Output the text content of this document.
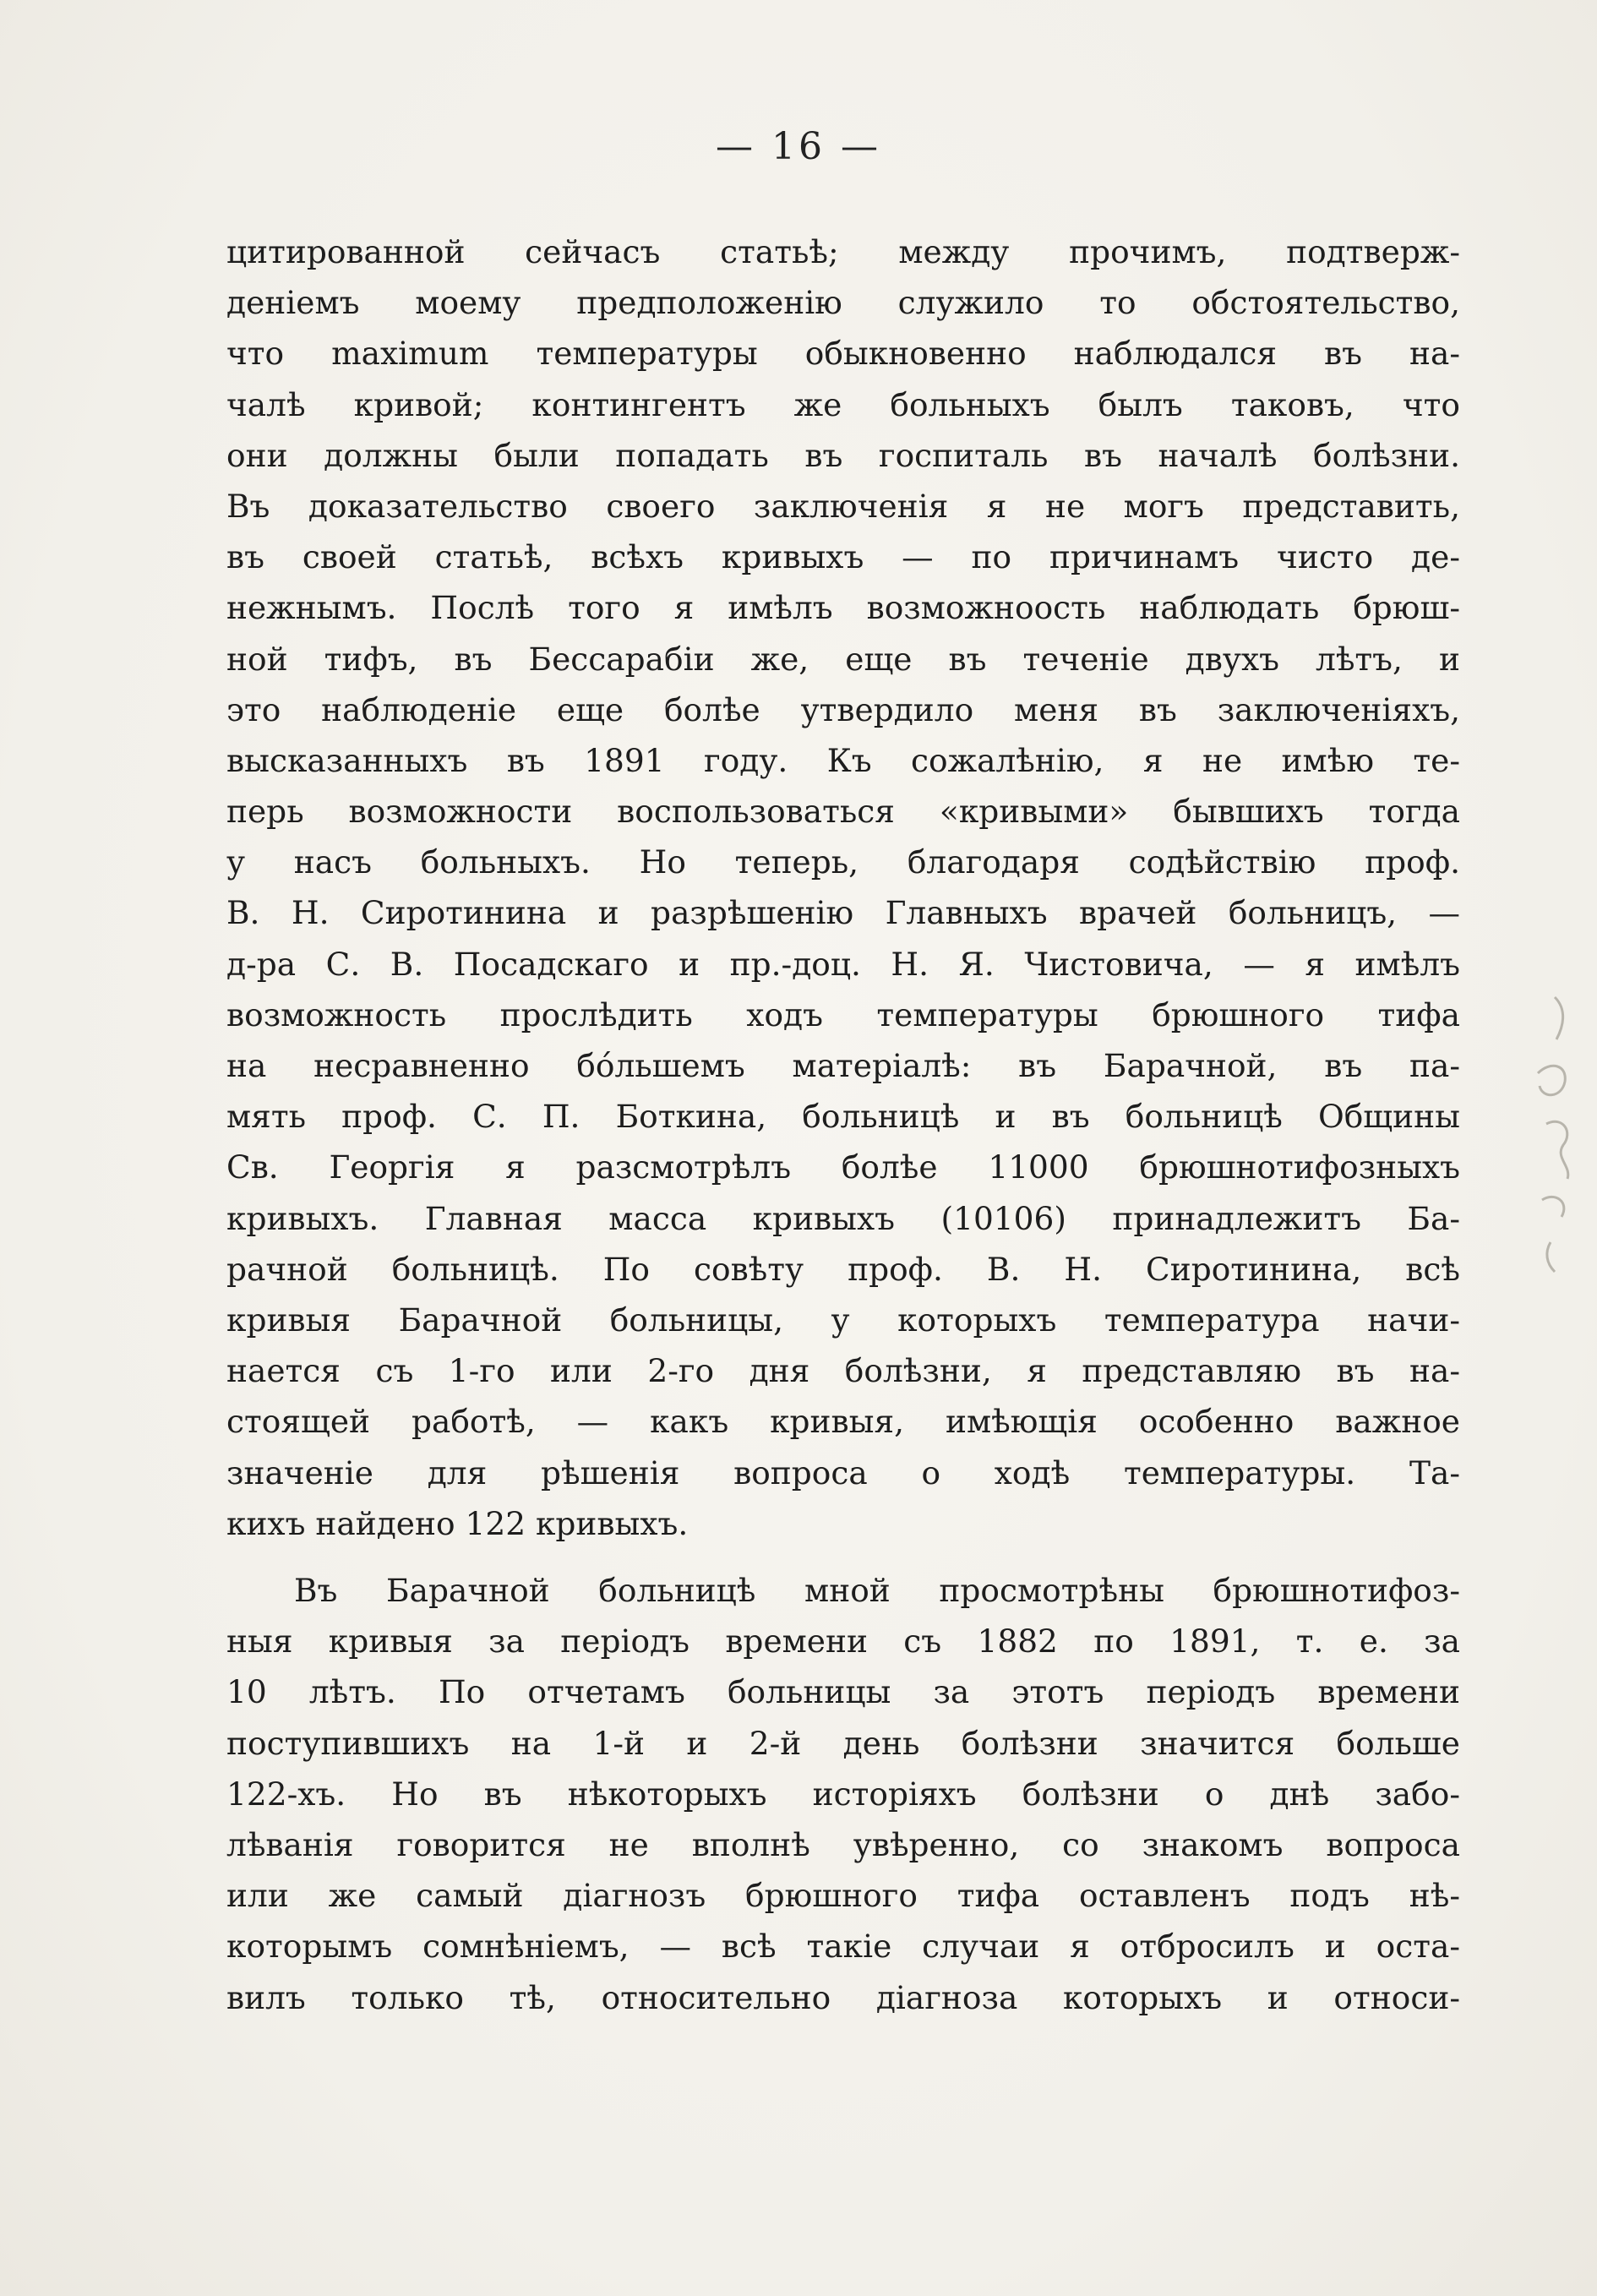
— 16 —
цитированной сейчасъ статьѣ; между прочимъ, подтверж-
деніемъ моему предположенію служило то обстоятельство,
что maximum температуры обыкновенно наблюдался въ на-
чалѣ кривой; контингентъ же больныхъ былъ таковъ, что
они должны были попадать въ госпиталь въ началѣ болѣзни.
Въ доказательство своего заключенія я не могъ представить,
въ своей статьѣ, всѣхъ кривыхъ — по причинамъ чисто де-
нежнымъ. Послѣ того я имѣлъ возможноость наблюдать брюш-
ной тифъ, въ Бессарабіи же, еще въ теченіе двухъ лѣтъ, и
это наблюденіе еще болѣе утвердило меня въ заключеніяхъ,
высказанныхъ въ 1891 году. Къ сожалѣнію, я не имѣю те-
перь возможности воспользоваться «кривыми» бывшихъ тогда
у насъ больныхъ. Но теперь, благодаря содѣйствію проф.
В. Н. Сиротинина и разрѣшенію Главныхъ врачей больницъ, —
д-ра С. В. Посадскаго и пр.-доц. Н. Я. Чистовича, — я имѣлъ
возможность прослѣдить ходъ температуры брюшного тифа
на несравненно бо́льшемъ матеріалѣ: въ Барачной, въ па-
мять проф. С. П. Боткина, больницѣ и въ больницѣ Общины
Св. Георгія я разсмотрѣлъ болѣе 11000 брюшнотифозныхъ
кривыхъ. Главная масса кривыхъ (10106) принадлежитъ Ба-
рачной больницѣ. По совѣту проф. В. Н. Сиротинина, всѣ
кривыя Барачной больницы, у которыхъ температура начи-
нается съ 1-го или 2-го дня болѣзни, я представляю въ на-
стоящей работѣ, — какъ кривыя, имѣющія особенно важное
значеніе для рѣшенія вопроса о ходѣ температуры. Та-
кихъ найдено 122 кривыхъ.
Въ Барачной больницѣ мной просмотрѣны брюшнотифоз-
ныя кривыя за періодъ времени съ 1882 по 1891, т. е. за
10 лѣтъ. По отчетамъ больницы за этотъ періодъ времени
поступившихъ на 1-й и 2-й день болѣзни значится больше
122-хъ. Но въ нѣкоторыхъ исторіяхъ болѣзни о днѣ забо-
лѣванія говорится не вполнѣ увѣренно, со знакомъ вопроса
или же самый діагнозъ брюшного тифа оставленъ подъ нѣ-
которымъ сомнѣніемъ, — всѣ такіе случаи я отбросилъ и оста-
вилъ только тѣ, относительно діагноза которыхъ и относи-
